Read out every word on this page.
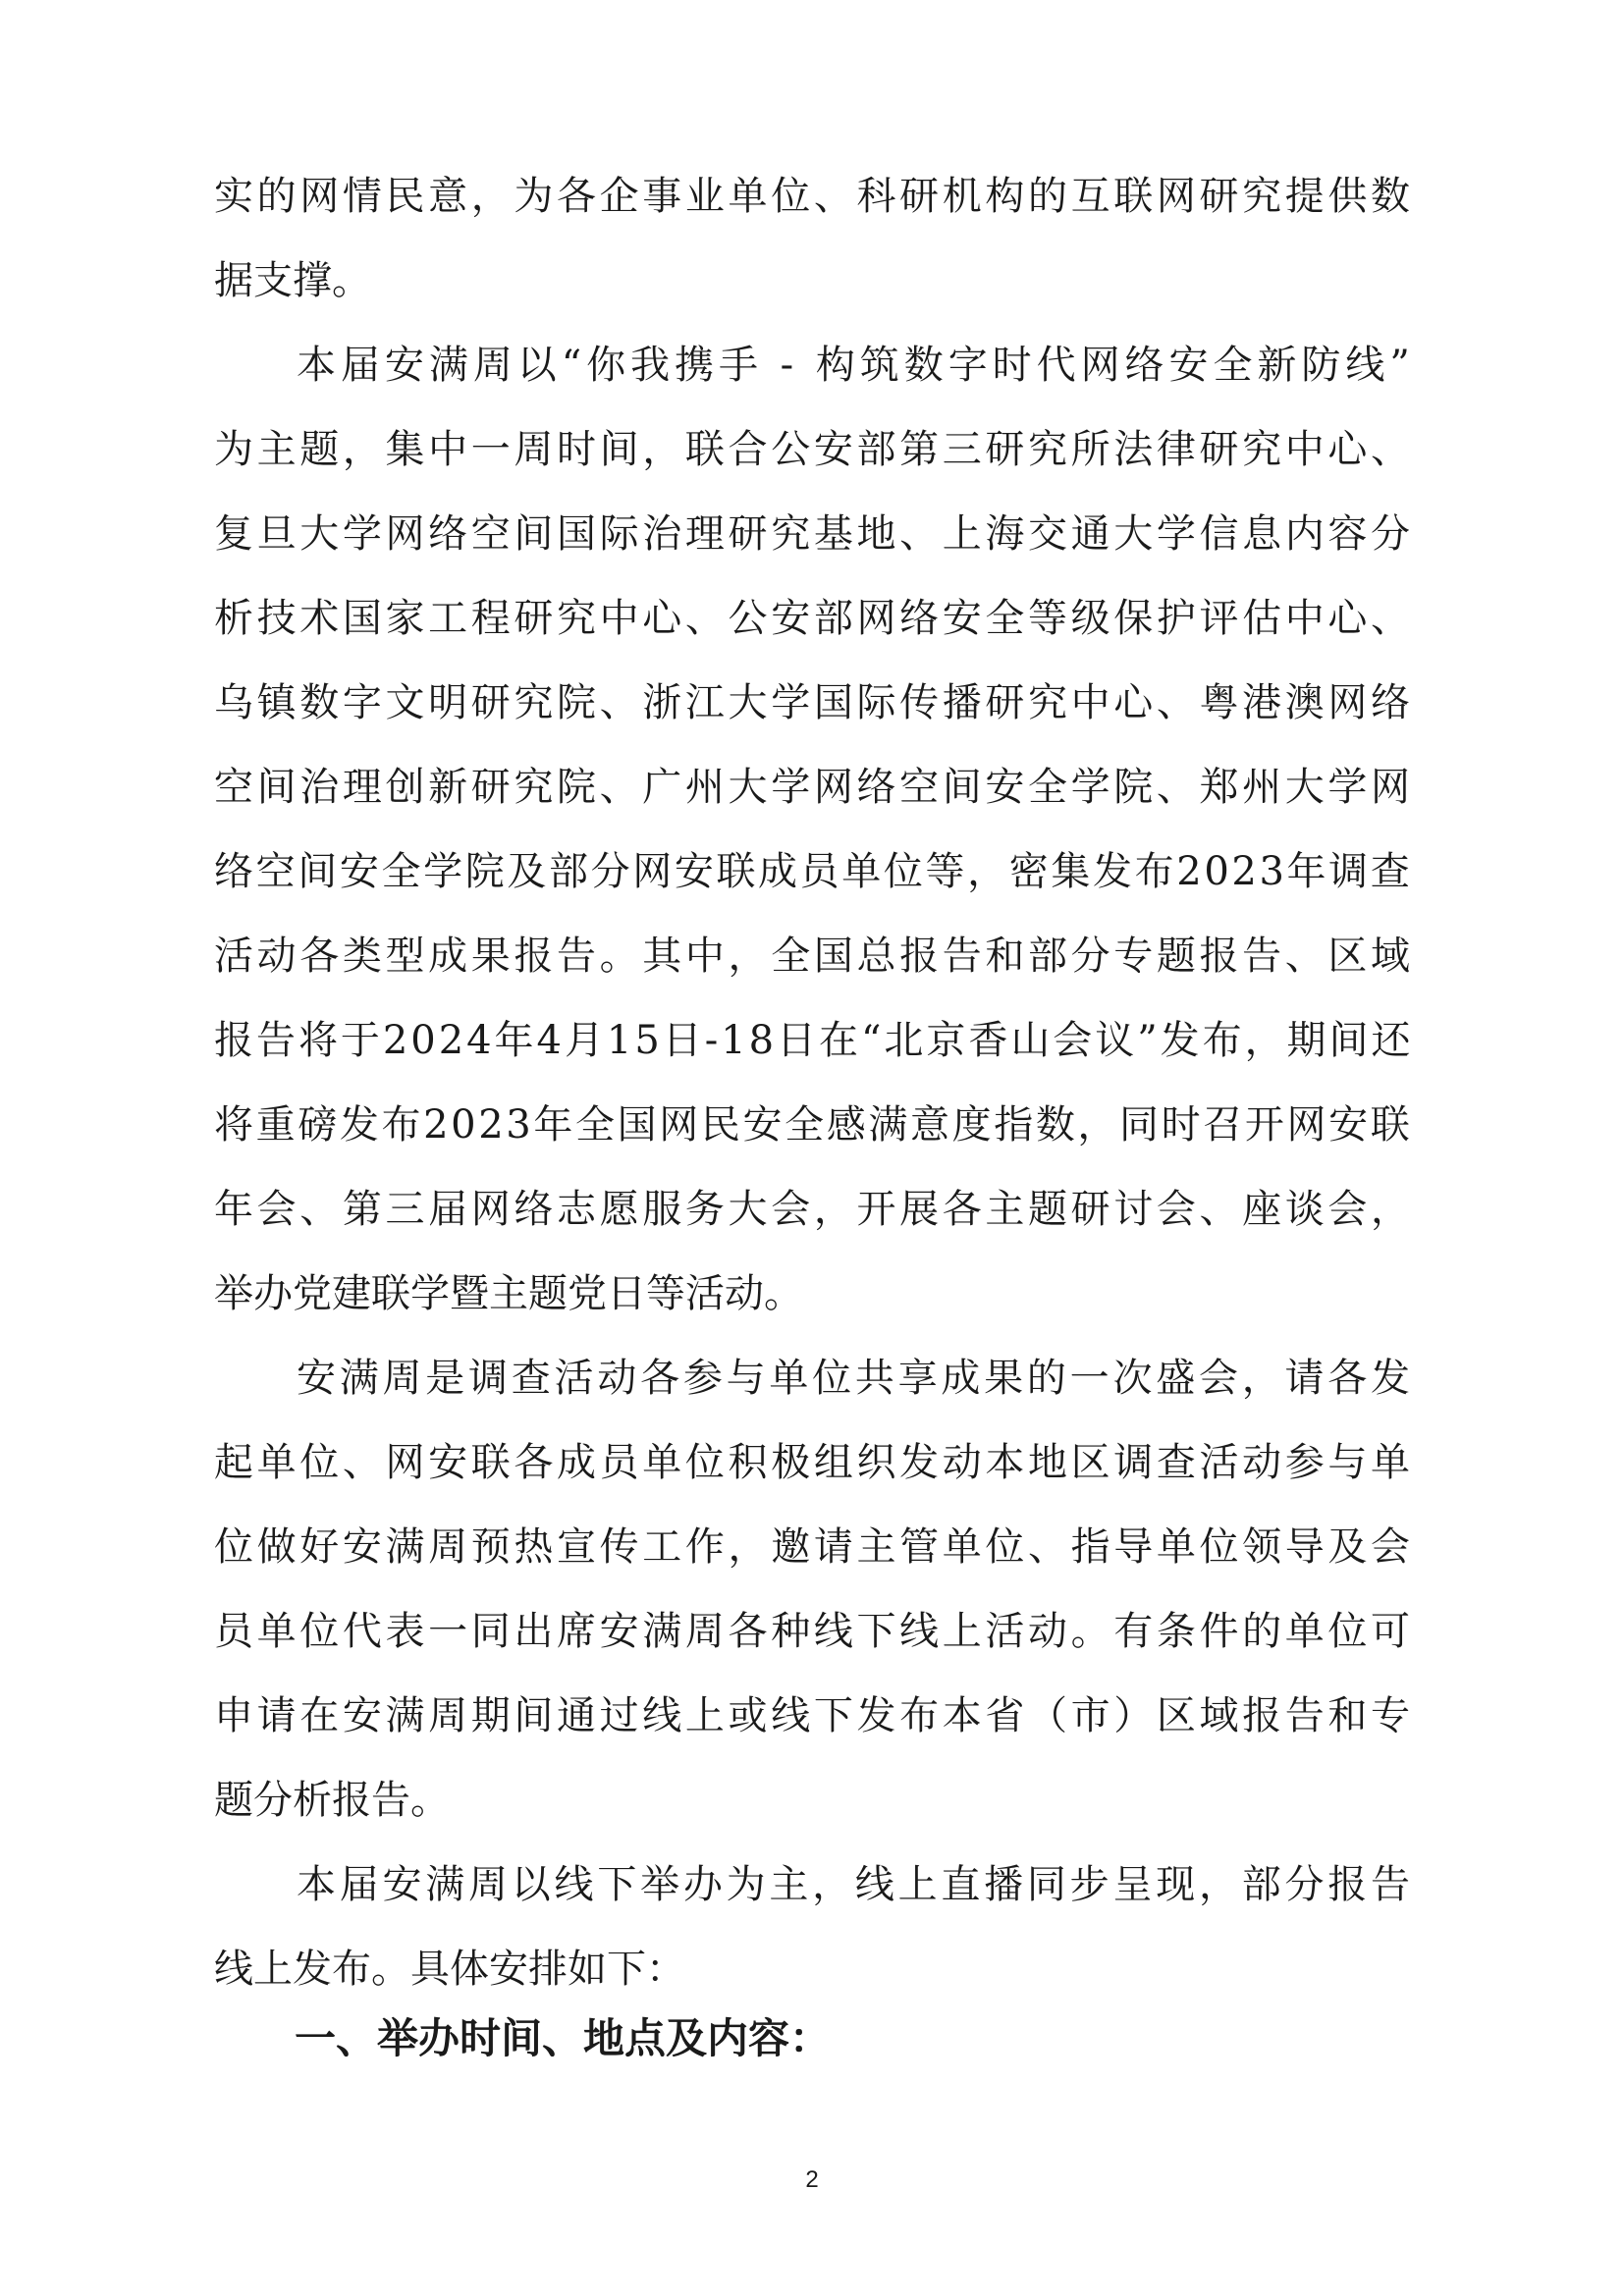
实的网情民意，为各企事业单位、科研机构的互联网研究提供数
据支撑。
本届安满周以“你我携手 - 构筑数字时代网络安全新防线”
为主题，集中一周时间，联合公安部第三研究所法律研究中心、
复旦大学网络空间国际治理研究基地、上海交通大学信息内容分
析技术国家工程研究中心、公安部网络安全等级保护评估中心、
乌镇数字文明研究院、浙江大学国际传播研究中心、粤港澳网络
空间治理创新研究院、广州大学网络空间安全学院、郑州大学网
络空间安全学院及部分网安联成员单位等，密集发布2023年调查
活动各类型成果报告。其中，全国总报告和部分专题报告、区域
报告将于2024年4月15日-18日在“北京香山会议”发布，期间还
将重磅发布2023年全国网民安全感满意度指数，同时召开网安联
年会、第三届网络志愿服务大会，开展各主题研讨会、座谈会，
举办党建联学暨主题党日等活动。
安满周是调查活动各参与单位共享成果的一次盛会，请各发
起单位、网安联各成员单位积极组织发动本地区调查活动参与单
位做好安满周预热宣传工作，邀请主管单位、指导单位领导及会
员单位代表一同出席安满周各种线下线上活动。有条件的单位可
申请在安满周期间通过线上或线下发布本省（市）区域报告和专
题分析报告。
本届安满周以线下举办为主，线上直播同步呈现，部分报告
线上发布。具体安排如下：
一、举办时间、地点及内容：
2
